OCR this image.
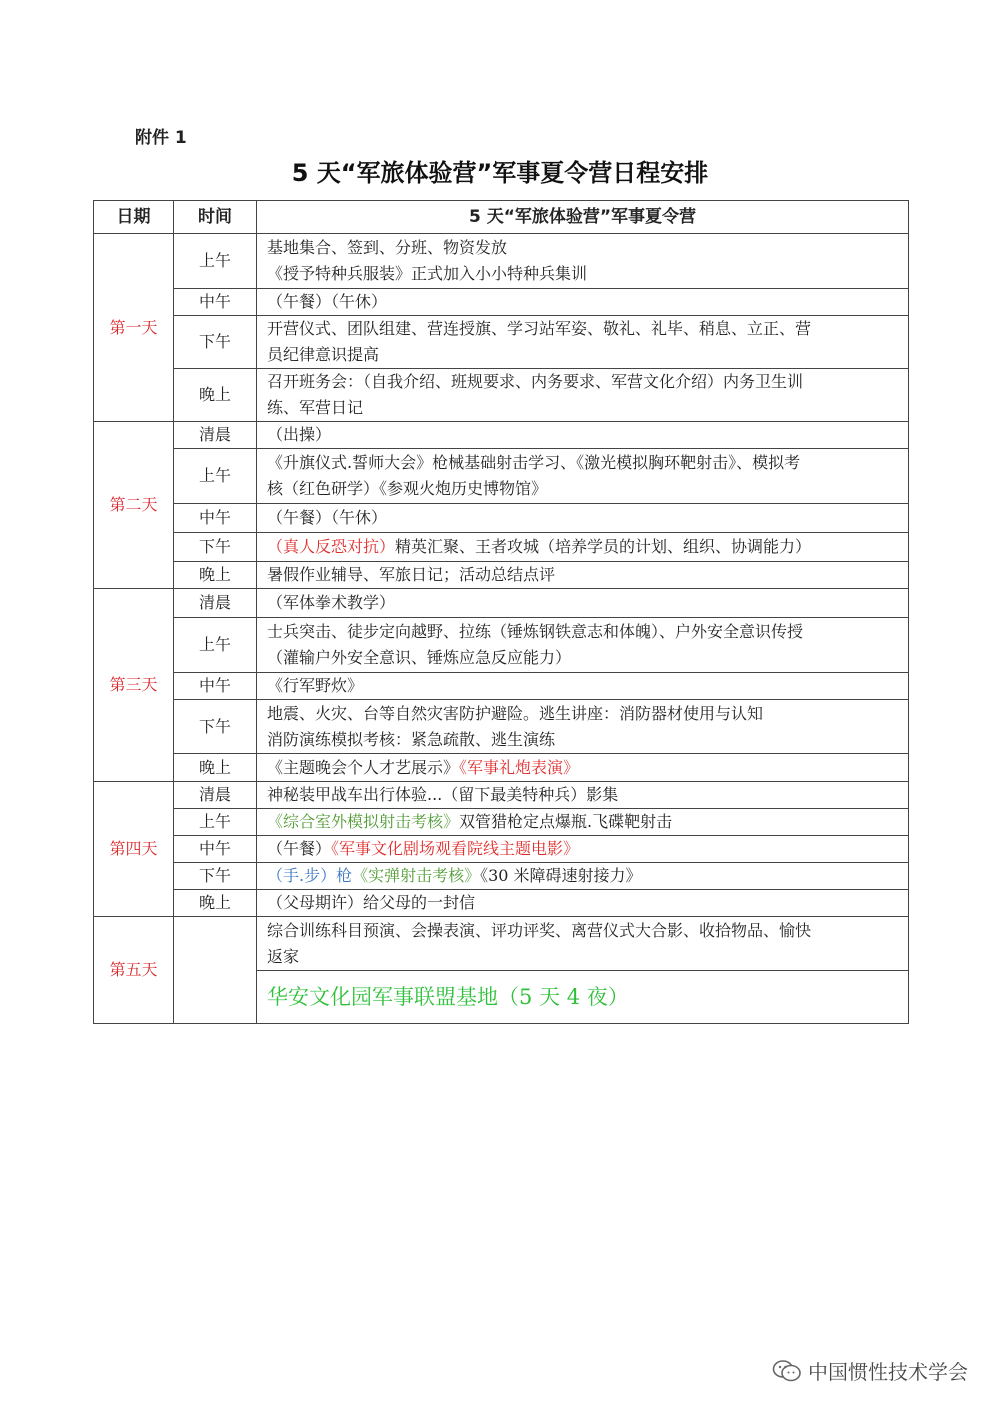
附件 1
5 天“军旅体验营”军事夏令营日程安排
日期	时间	5 天“军旅体验营”军事夏令营
第一天	上午	基地集合、签到、分班、物资发放
《授予特种兵服装》正式加入小小特种兵集训

	中午	（午餐）（午休）

	下午	开营仪式、团队组建、营连授旗、学习站军姿、敬礼、礼毕、稍息、立正、营
员纪律意识提高

	晚上	召开班务会：（自我介绍、班规要求、内务要求、军营文化介绍）内务卫生训
练、军营日记

第二天	清晨	（出操）

	上午	《升旗仪式.誓师大会》枪械基础射击学习、《激光模拟胸环靶射击》、模拟考
核（红色研学）《参观火炮历史博物馆》

	中午	（午餐）（午休）

	下午	（真人反恐对抗）精英汇聚、王者攻城（培养学员的计划、组织、协调能力）

	晚上	暑假作业辅导、军旅日记；活动总结点评

第三天	清晨	（军体拳术教学）

	上午	士兵突击、徒步定向越野、拉练（锤炼钢铁意志和体魄）、户外安全意识传授
（灌输户外安全意识、锤炼应急反应能力）

	中午	《行军野炊》

	下午	地震、火灾、台等自然灾害防护避险。逃生讲座：消防器材使用与认知
消防演练模拟考核：紧急疏散、逃生演练

	晚上	《主题晚会个人才艺展示》《军事礼炮表演》

第四天	清晨	神秘装甲战车出行体验...（留下最美特种兵）影集

	上午	《综合室外模拟射击考核》双管猎枪定点爆瓶.飞碟靶射击

	中午	（午餐）《军事文化剧场观看院线主题电影》

	下午	（手.步）枪《实弹射击考核》《30 米障碍速射接力》

	晚上	（父母期许）给父母的一封信

第五天		综合训练科目预演、会操表演、评功评奖、离营仪式大合影、收拾物品、愉快
返家

		华安文化园军事联盟基地（5 天 4 夜）
中国惯性技术学会
